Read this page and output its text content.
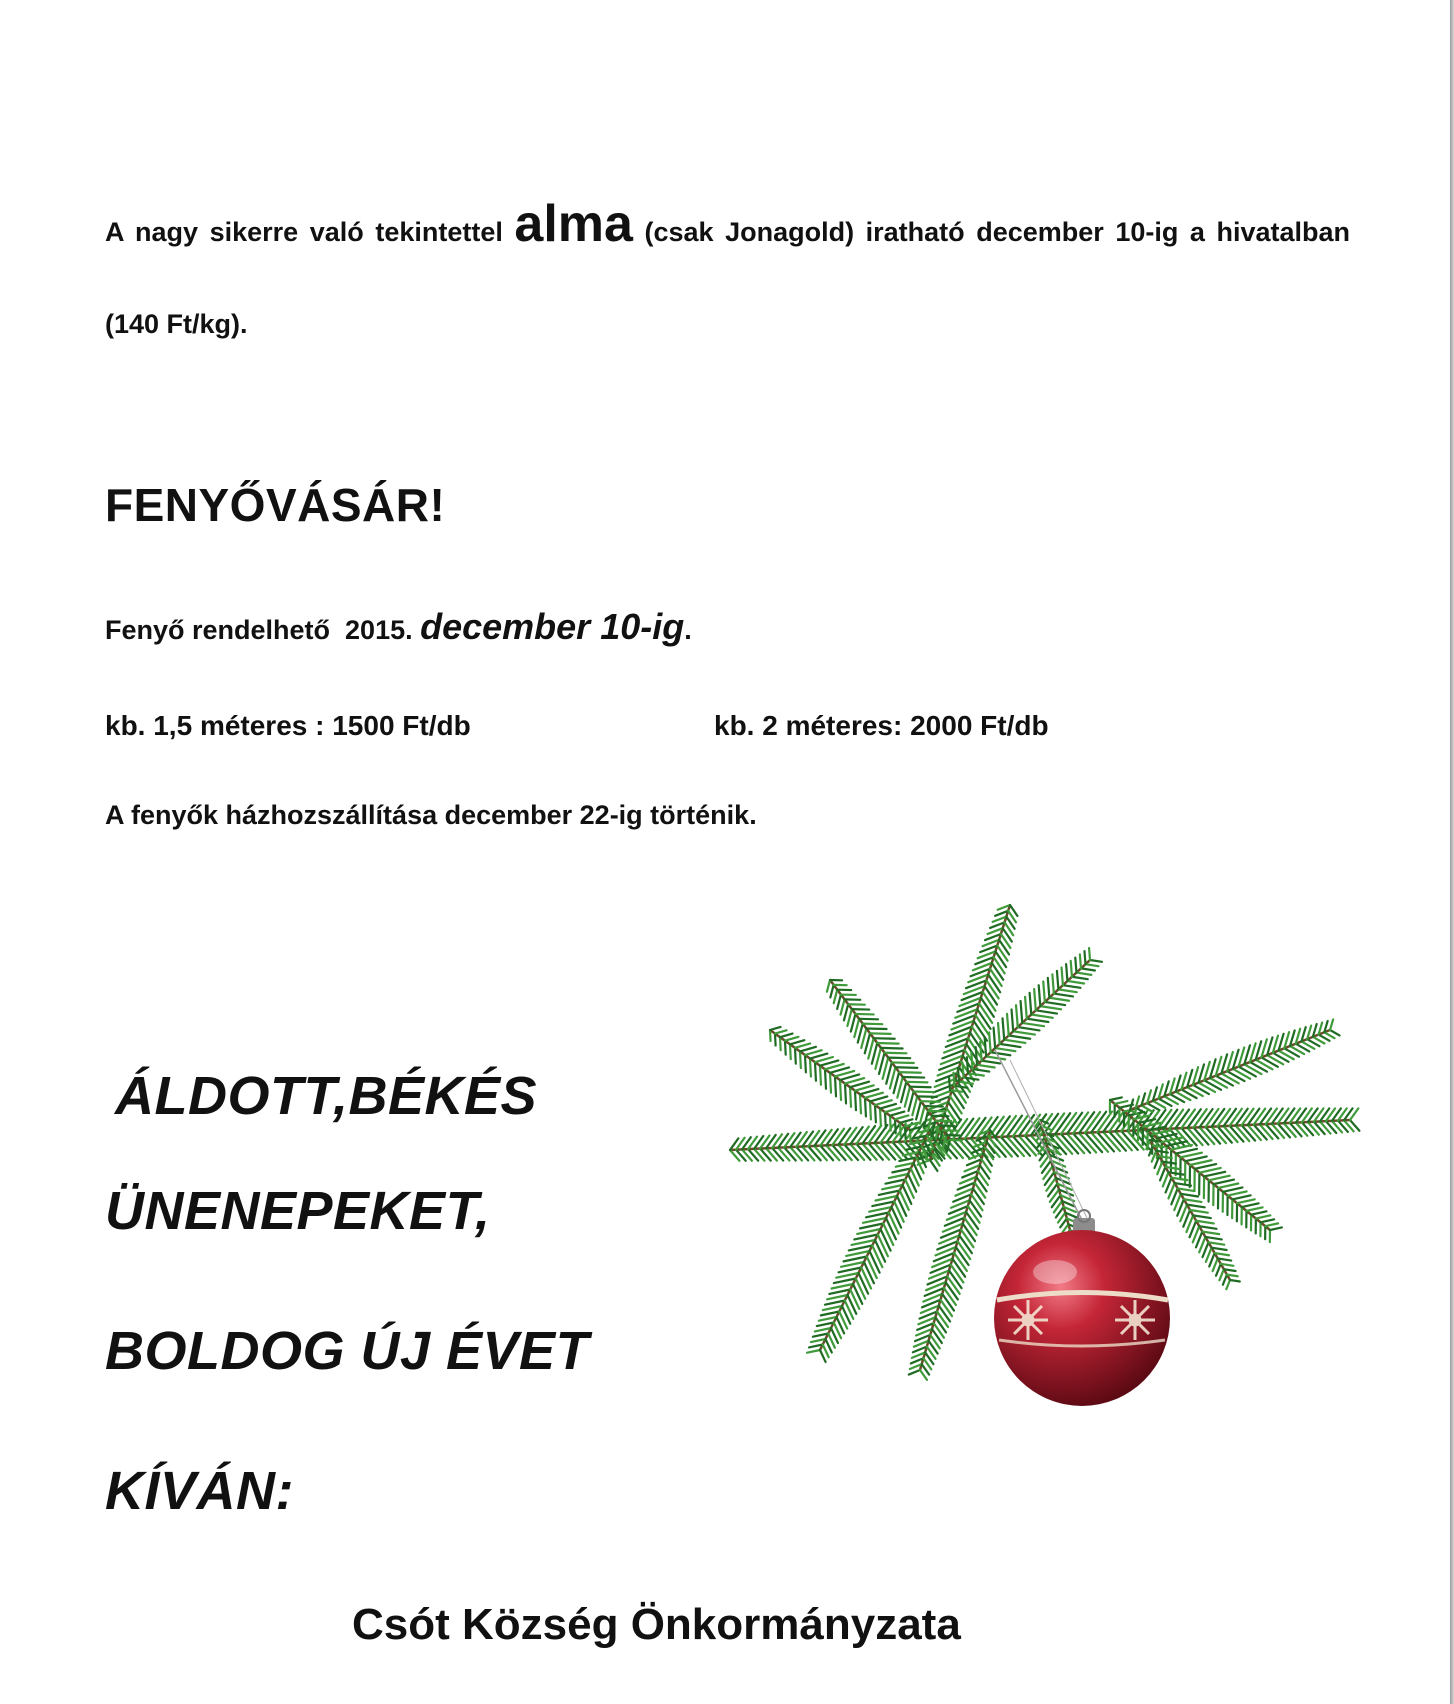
A nagy sikerre való tekintettel alma (csak Jonagold) iratható december 10-ig a hivatalban (140 Ft/kg).
FENYŐVÁSÁR!
Fenyő rendelhető  2015. december 10-ig.
kb. 1,5 méteres : 1500 Ft/db	kb. 2 méteres: 2000 Ft/db
A fenyők házhozszállítása december 22-ig történik.
ÁLDOTT,BÉKÉS
ÜNENEPEKET,
BOLDOG ÚJ ÉVET
KÍVÁN:
Csót Község Önkormányzata
